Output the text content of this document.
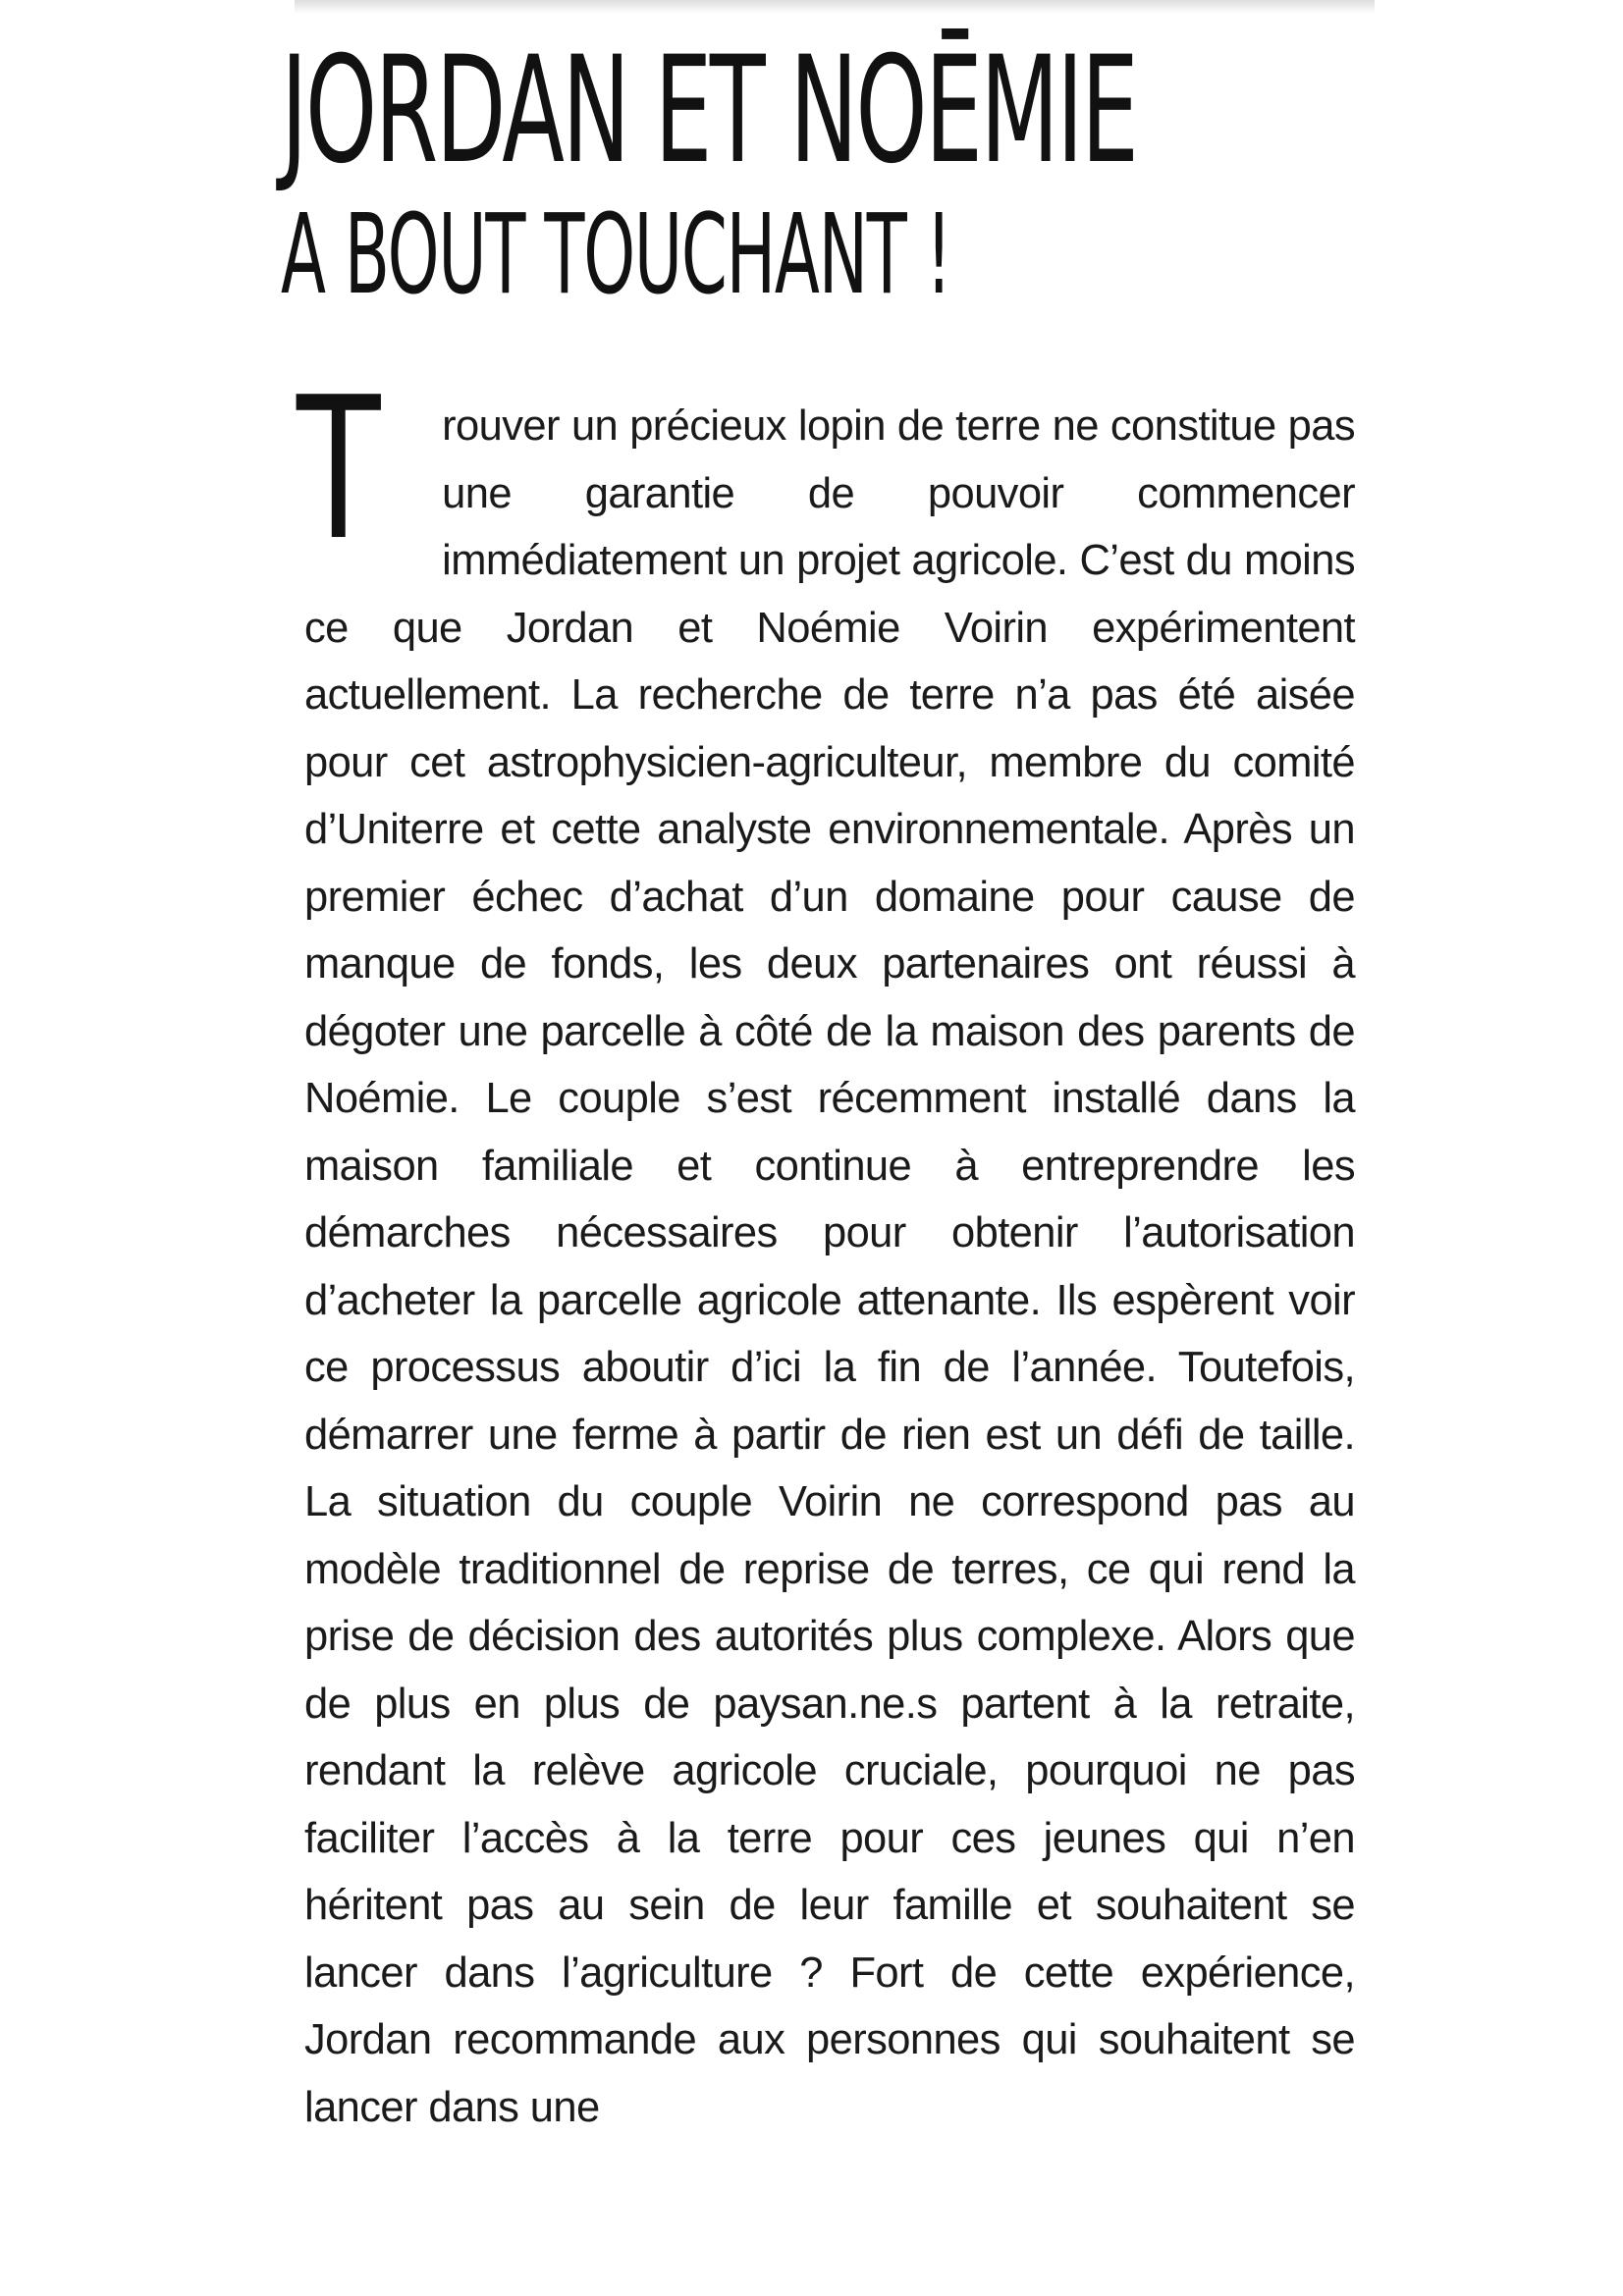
JORDAN ET NOĒMIE
A BOUT TOUCHANT !
T	rouver un précieux lopin de terre ne constitue pas une garantie de pouvoir commencer immédiatement un projet agricole. C’est du moins ce que Jordan et Noémie Voirin expérimentent actuellement. La recherche de terre n’a pas été aisée pour cet astrophysicien-agriculteur, membre du comité d’Uniterre et cette analyste environnementale. Après un premier échec d’achat d’un domaine pour cause de manque de fonds, les deux partenaires ont réussi à dégoter une parcelle à côté de la maison des parents de Noémie. Le couple s’est récemment installé dans la maison familiale et continue à entreprendre les démarches nécessaires pour obtenir l’autorisation d’acheter la parcelle agricole attenante. Ils espèrent voir ce processus aboutir d’ici la fin de l’année. Toutefois, démarrer une ferme à partir de rien est un défi de taille. La situation du couple Voirin ne correspond pas au modèle traditionnel de reprise de terres, ce qui rend la prise de décision des autorités plus complexe. Alors que de plus en plus de paysan.ne.s partent à la retraite, rendant la relève agricole cruciale, pourquoi ne pas faciliter l’accès à la terre pour ces jeunes qui n’en héritent pas au sein de leur famille et souhaitent se lancer dans l’agriculture ? Fort de cette expérience, Jordan recommande aux personnes qui souhaitent se lancer dans une
